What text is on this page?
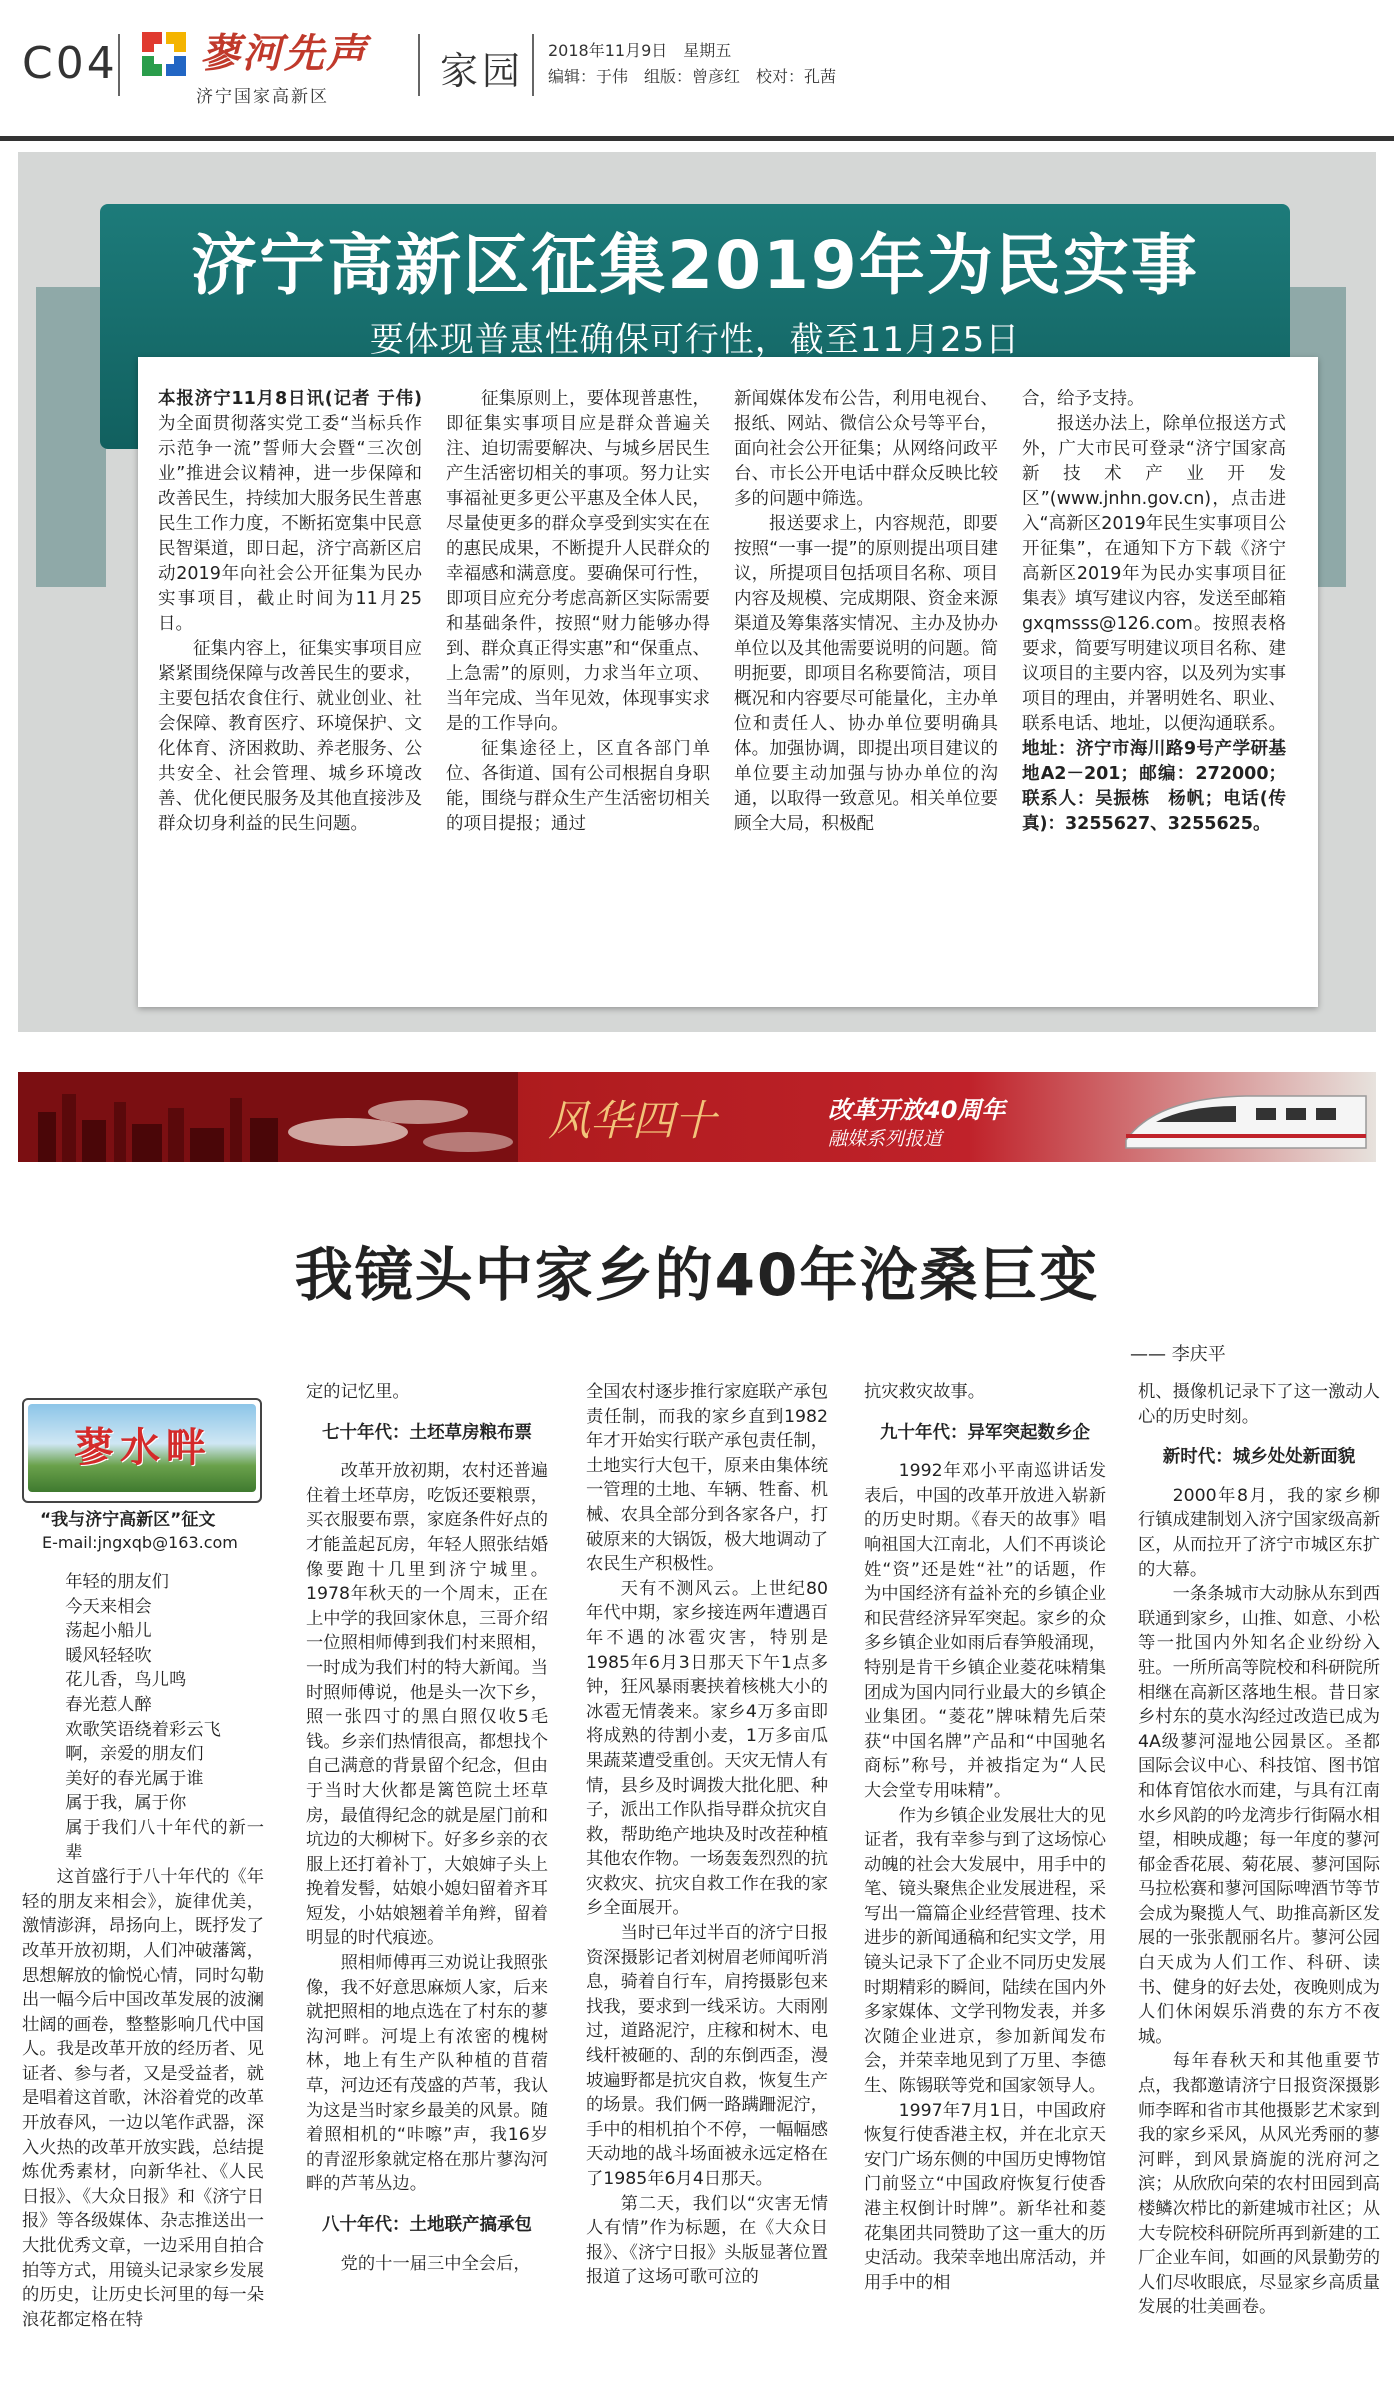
C04 蓼河先声
济宁国家高新区
家园 2018年11月9日　星期五
编辑：于伟　组版：曾彦红　校对：孔茜
济宁高新区征集2019年为民实事
要体现普惠性确保可行性，截至11月25日

本报济宁11月8日讯(记者 于伟)　为全面贯彻落实党工委“当标兵作示范争一流”誓师大会暨“三次创业”推进会议精神，进一步保障和改善民生，持续加大服务民生普惠民生工作力度，不断拓宽集中民意民智渠道，即日起，济宁高新区启动2019年向社会公开征集为民办实事项目，截止时间为11月25日。

征集内容上，征集实事项目应紧紧围绕保障与改善民生的要求，主要包括农食住行、就业创业、社会保障、教育医疗、环境保护、文化体育、济困救助、养老服务、公共安全、社会管理、城乡环境改善、优化便民服务及其他直接涉及群众切身利益的民生问题。

征集原则上，要体现普惠性，即征集实事项目应是群众普遍关注、迫切需要解决、与城乡居民生产生活密切相关的事项。努力让实事福祉更多更公平惠及全体人民，尽量使更多的群众享受到实实在在的惠民成果，不断提升人民群众的幸福感和满意度。要确保可行性，即项目应充分考虑高新区实际需要和基础条件，按照“财力能够办得到、群众真正得实惠”和“保重点、上急需”的原则，力求当年立项、当年完成、当年见效，体现事实求是的工作导向。

征集途径上，区直各部门单位、各街道、国有公司根据自身职能，围绕与群众生产生活密切相关的项目提报；通过

新闻媒体发布公告，利用电视台、报纸、网站、微信公众号等平台，面向社会公开征集；从网络问政平台、市长公开电话中群众反映比较多的问题中筛选。

报送要求上，内容规范，即要按照“一事一提”的原则提出项目建议，所提项目包括项目名称、项目内容及规模、完成期限、资金来源渠道及筹集落实情况、主办及协办单位以及其他需要说明的问题。简明扼要，即项目名称要简洁，项目概况和内容要尽可能量化，主办单位和责任人、协办单位要明确具体。加强协调，即提出项目建议的单位要主动加强与协办单位的沟通，以取得一致意见。相关单位要顾全大局，积极配

合，给予支持。

报送办法上，除单位报送方式外，广大市民可登录“济宁国家高新技术产业开发区”(www.jnhn.gov.cn)，点击进入“高新区2019年民生实事项目公开征集”，在通知下方下载《济宁高新区2019年为民办实事项目征集表》填写建议内容，发送至邮箱gxqmsss@126.com。按照表格要求，简要写明建议项目名称、建议项目的主要内容，以及列为实事项目的理由，并署明姓名、职业、联系电话、地址，以便沟通联系。地址：济宁市海川路9号产学研基地A2－201；邮编：272000；联系人：吴振栋　杨帆；电话(传真)：3255627、3255625。

风华四十	改革开放40周年
融媒系列报道
我镜头中家乡的40年沧桑巨变
—— 李庆平
蓼水畔
“我与济宁高新区”征文
E-mail:jngxqb@163.com

年轻的朋友们

今天来相会

荡起小船儿

暖风轻轻吹

花儿香，鸟儿鸣

春光惹人醉

欢歌笑语绕着彩云飞

啊，亲爱的朋友们

美好的春光属于谁

属于我，属于你

属于我们八十年代的新一辈

这首盛行于八十年代的《年轻的朋友来相会》，旋律优美，激情澎湃，昂扬向上，既抒发了改革开放初期，人们冲破藩篱，思想解放的愉悦心情，同时勾勒出一幅今后中国改革发展的波澜壮阔的画卷，整整影响几代中国人。我是改革开放的经历者、见证者、参与者，又是受益者，就是唱着这首歌，沐浴着党的改革开放春风，一边以笔作武器，深入火热的改革开放实践，总结提炼优秀素材，向新华社、《人民日报》、《大众日报》和《济宁日报》等各级媒体、杂志推送出一大批优秀文章，一边采用自拍合拍等方式，用镜头记录家乡发展的历史，让历史长河里的每一朵浪花都定格在特

定的记忆里。

七十年代：土坯草房粮布票

改革开放初期，农村还普遍住着土坯草房，吃饭还要粮票，买衣服要布票，家庭条件好点的才能盖起瓦房，年轻人照张结婚像要跑十几里到济宁城里。1978年秋天的一个周末，正在上中学的我回家休息，三哥介绍一位照相师傅到我们村来照相，一时成为我们村的特大新闻。当时照师傅说，他是头一次下乡，照一张四寸的黑白照仅收5毛钱。乡亲们热情很高，都想找个自己满意的背景留个纪念，但由于当时大伙都是篱笆院土坯草房，最值得纪念的就是屋门前和坑边的大柳树下。好多乡亲的衣服上还打着补丁，大娘婶子头上挽着发髻，姑娘小媳妇留着齐耳短发，小姑娘翘着羊角辫，留着明显的时代痕迹。

照相师傅再三劝说让我照张像，我不好意思麻烦人家，后来就把照相的地点选在了村东的蓼沟河畔。河堤上有浓密的槐树林，地上有生产队种植的苜蓿草，河边还有茂盛的芦苇，我认为这是当时家乡最美的风景。随着照相机的“咔嚓”声，我16岁的青涩形象就定格在那片蓼沟河畔的芦苇丛边。

八十年代：土地联产搞承包

党的十一届三中全会后，

全国农村逐步推行家庭联产承包责任制，而我的家乡直到1982年才开始实行联产承包责任制，土地实行大包干，原来由集体统一管理的土地、车辆、牲畜、机械、农具全部分到各家各户，打破原来的大锅饭，极大地调动了农民生产积极性。

天有不测风云。上世纪80年代中期，家乡接连两年遭遇百年不遇的冰雹灾害，特别是1985年6月3日那天下午1点多钟，狂风暴雨裹挟着核桃大小的冰雹无情袭来。家乡4万多亩即将成熟的待割小麦，1万多亩瓜果蔬菜遭受重创。天灾无情人有情，县乡及时调拨大批化肥、种子，派出工作队指导群众抗灾自救，帮助绝产地块及时改茬种植其他农作物。一场轰轰烈烈的抗灾救灾、抗灾自救工作在我的家乡全面展开。

当时已年过半百的济宁日报资深摄影记者刘树眉老师闻听消息，骑着自行车，肩挎摄影包来找我，要求到一线采访。大雨刚过，道路泥泞，庄稼和树木、电线杆被砸的、刮的东倒西歪，漫坡遍野都是抗灾自救，恢复生产的场景。我们俩一路蹒跚泥泞，手中的相机拍个不停，一幅幅感天动地的战斗场面被永远定格在了1985年6月4日那天。

第二天，我们以“灾害无情人有情”作为标题，在《大众日报》、《济宁日报》头版显著位置报道了这场可歌可泣的

抗灾救灾故事。

九十年代：异军突起数乡企

1992年邓小平南巡讲话发表后，中国的改革开放进入崭新的历史时期。《春天的故事》唱响祖国大江南北，人们不再谈论姓“资”还是姓“社”的话题，作为中国经济有益补充的乡镇企业和民营经济异军突起。家乡的众多乡镇企业如雨后春笋般涌现，特别是肯干乡镇企业菱花味精集团成为国内同行业最大的乡镇企业集团。“菱花”牌味精先后荣获“中国名牌”产品和“中国驰名商标”称号，并被指定为“人民大会堂专用味精”。

作为乡镇企业发展壮大的见证者，我有幸参与到了这场惊心动魄的社会大发展中，用手中的笔、镜头聚焦企业发展进程，采写出一篇篇企业经营管理、技术进步的新闻通稿和纪实文学，用镜头记录下了企业不同历史发展时期精彩的瞬间，陆续在国内外多家媒体、文学刊物发表，并多次随企业进京，参加新闻发布会，并荣幸地见到了万里、李德生、陈锡联等党和国家领导人。

1997年7月1日，中国政府恢复行使香港主权，并在北京天安门广场东侧的中国历史博物馆门前竖立“中国政府恢复行使香港主权倒计时牌”。新华社和菱花集团共同赞助了这一重大的历史活动。我荣幸地出席活动，并用手中的相

机、摄像机记录下了这一激动人心的历史时刻。

新时代：城乡处处新面貌

2000年8月，我的家乡柳行镇成建制划入济宁国家级高新区，从而拉开了济宁市城区东扩的大幕。

一条条城市大动脉从东到西联通到家乡，山推、如意、小松等一批国内外知名企业纷纷入驻。一所所高等院校和科研院所相继在高新区落地生根。昔日家乡村东的莫水沟经过改造已成为4A级蓼河湿地公园景区。圣都国际会议中心、科技馆、图书馆和体育馆依水而建，与具有江南水乡风韵的吟龙湾步行街隔水相望，相映成趣；每一年度的蓼河郁金香花展、菊花展、蓼河国际马拉松赛和蓼河国际啤酒节等节会成为聚揽人气、助推高新区发展的一张张靓丽名片。蓼河公园白天成为人们工作、科研、读书、健身的好去处，夜晚则成为人们休闲娱乐消费的东方不夜城。

每年春秋天和其他重要节点，我都邀请济宁日报资深摄影师李晖和省市其他摄影艺术家到我的家乡采风，从风光秀丽的蓼河畔，到风景旖旎的洸府河之滨；从欣欣向荣的农村田园到高楼鳞次栉比的新建城市社区；从大专院校科研院所再到新建的工厂企业车间，如画的风景勤劳的人们尽收眼底，尽显家乡高质量发展的壮美画卷。
